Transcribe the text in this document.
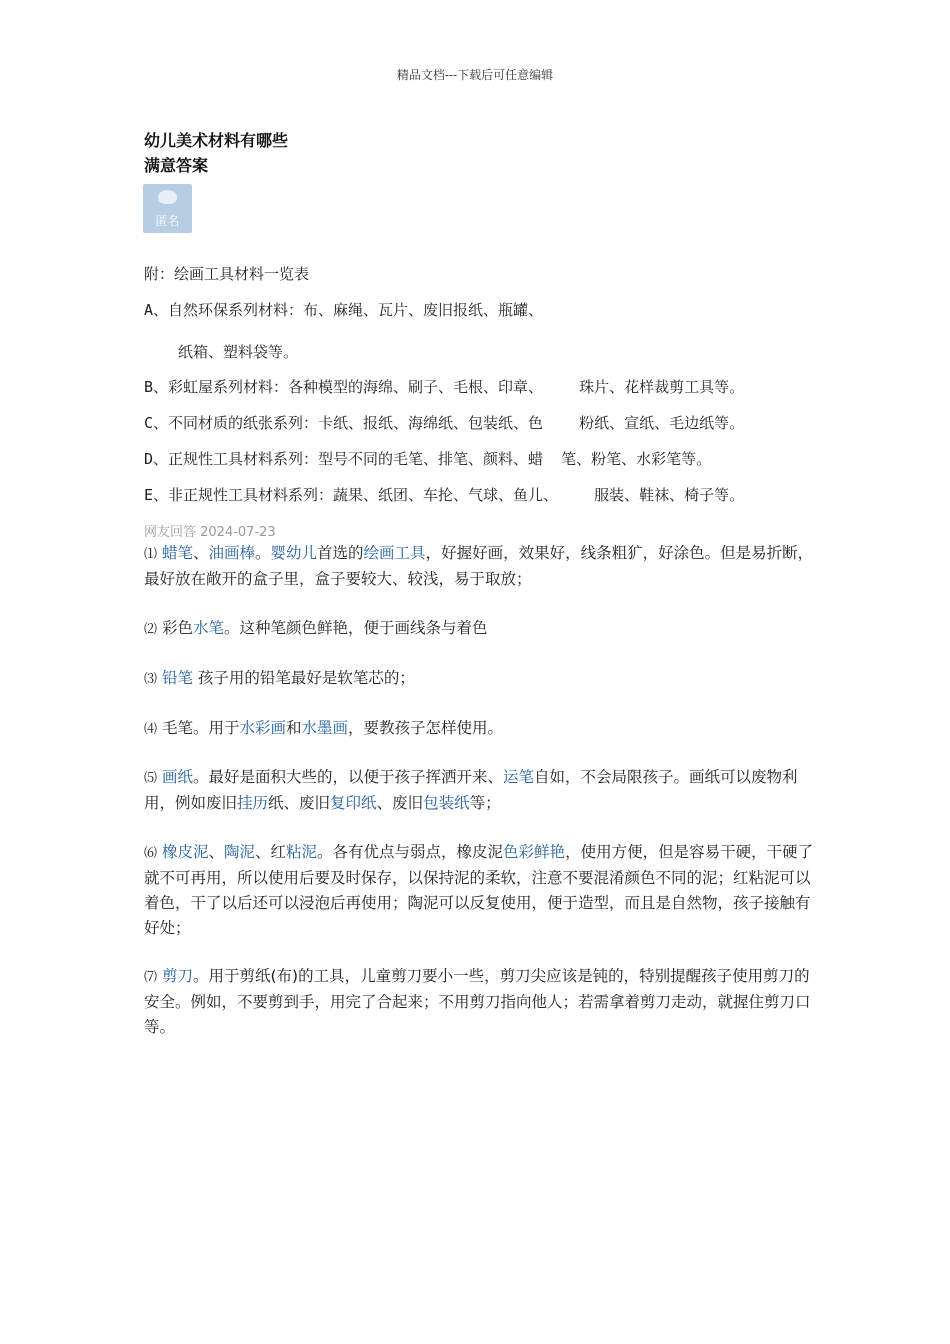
精品文档---下载后可任意编辑
幼儿美术材料有哪些
满意答案
匿名
附：绘画工具材料一览表
A、自然环保系列材料：布、麻绳、瓦片、废旧报纸、瓶罐、
纸箱、塑料袋等。
B、彩虹屋系列材料：各种模型的海绵、刷子、毛根、印章、    珠片、花样裁剪工具等。
C、不同材质的纸张系列：卡纸、报纸、海绵纸、包装纸、色    粉纸、宣纸、毛边纸等。
D、正规性工具材料系列：型号不同的毛笔、排笔、颜料、蜡  笔、粉笔、水彩笔等。
E、非正规性工具材料系列：蔬果、纸团、车抡、气球、鱼儿、    服装、鞋袜、椅子等。
网友回答 2024-07-23
⑴ 蜡笔、油画棒。婴幼儿首选的绘画工具，好握好画，效果好，线条粗犷，好涂色。但是易折断，最好放在敞开的盒子里，盒子要较大、较浅，易于取放；
⑵ 彩色水笔。这种笔颜色鲜艳，便于画线条与着色
⑶ 铅笔 孩子用的铅笔最好是软笔芯的；
⑷ 毛笔。用于水彩画和水墨画，要教孩子怎样使用。
⑸ 画纸。最好是面积大些的，以便于孩子挥洒开来、运笔自如，不会局限孩子。画纸可以废物利用，例如废旧挂历纸、废旧复印纸、废旧包装纸等；
⑹ 橡皮泥、陶泥、红粘泥。各有优点与弱点，橡皮泥色彩鲜艳，使用方便，但是容易干硬，干硬了就不可再用，所以使用后要及时保存，以保持泥的柔软，注意不要混淆颜色不同的泥；红粘泥可以着色，干了以后还可以浸泡后再使用；陶泥可以反复使用，便于造型，而且是自然物，孩子接触有好处；
⑺ 剪刀。用于剪纸(布)的工具，儿童剪刀要小一些，剪刀尖应该是钝的，特别提醒孩子使用剪刀的安全。例如，不要剪到手，用完了合起来；不用剪刀指向他人；若需拿着剪刀走动，就握住剪刀口等。
